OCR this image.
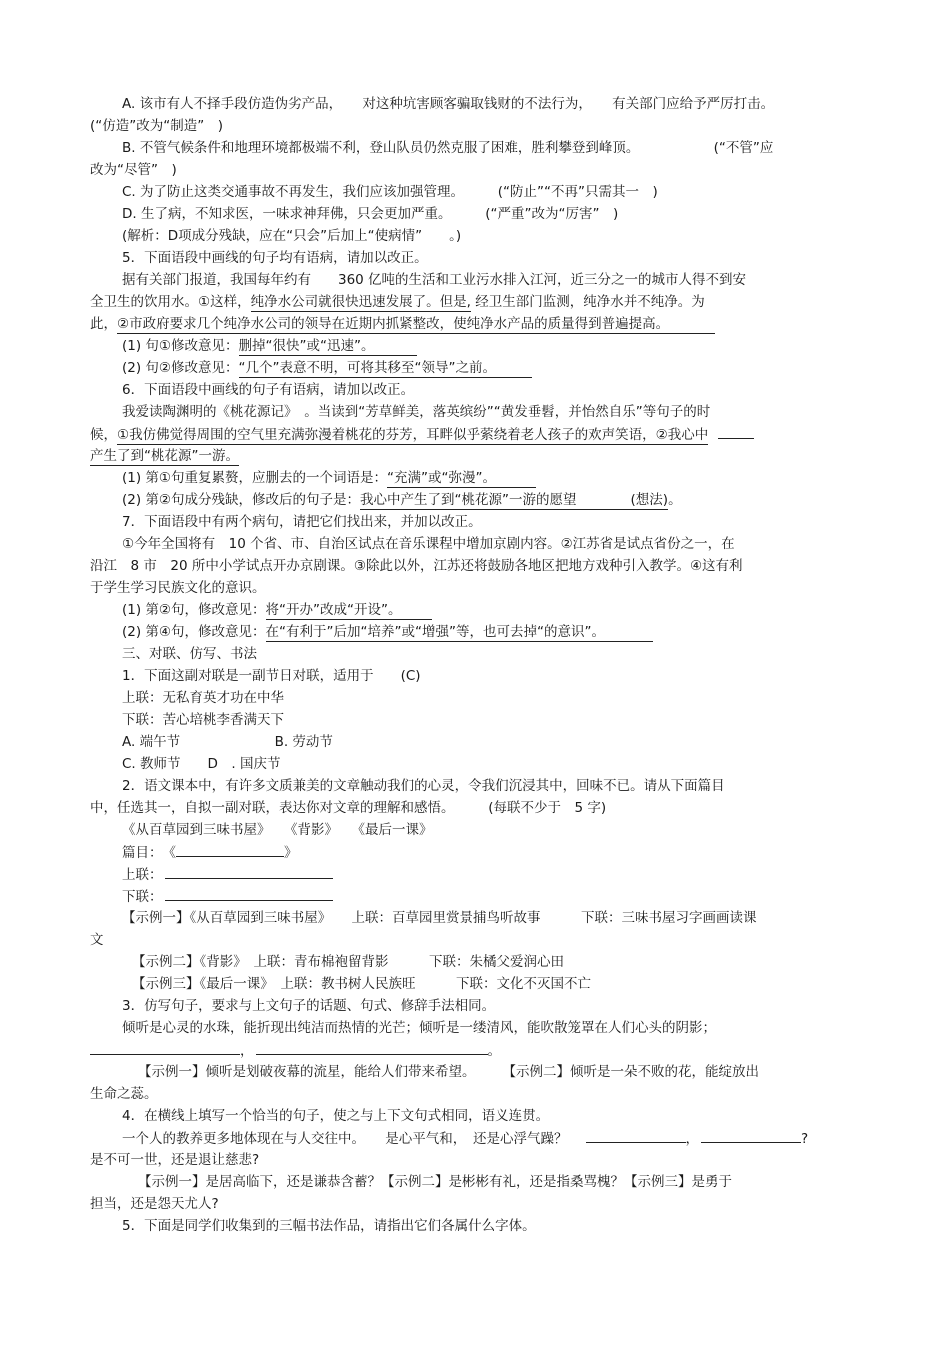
A. 该市有人不择手段仿造伪劣产品，　　对这种坑害顾客骗取钱财的不法行为，　　有关部门应给予严厉打击。
(“仿造”改为“制造”　)
B. 不管气候条件和地理环境都极端不利，登山队员仍然克服了困难，胜利攀登到峰顶。　　　　　　(“不管”应
改为“尽管”　)
C. 为了防止这类交通事故不再发生，我们应该加强管理。　　　(“防止”“不再”只需其一　)
D. 生了病，不知求医，一味求神拜佛，只会更加严重。　　　(“严重”改为“厉害”　)
(解析：D项成分残缺，应在“只会”后加上“使病情”　　。)
5．下面语段中画线的句子均有语病，请加以改正。
据有关部门报道，我国每年约有　　360 亿吨的生活和工业污水排入江河，近三分之一的城市人得不到安
全卫生的饮用水。①这样，纯净水公司就很快迅速发展了。但是, 经卫生部门监测，纯净水并不纯净。为
此，②市政府要求几个纯净水公司的领导在近期内抓紧整改，使纯净水产品的质量得到普遍提高。
(1) 句①修改意见：删掉“很快”或“迅速”。
(2) 句②修改意见：“几个”表意不明，可将其移至“领导”之前。
6．下面语段中画线的句子有语病，请加以改正。
我爱读陶渊明的《桃花源记》　。当读到“芳草鲜美，落英缤纷”“黄发垂髫，并怡然自乐”等句子的时
候，①我仿佛觉得周围的空气里充满弥漫着桃花的芬芳，耳畔似乎萦绕着老人孩子的欢声笑语，②我心中
产生了到“桃花源”一游。
(1) 第①句重复累赘，应删去的一个词语是：“充满”或“弥漫”。
(2) 第②句成分残缺，修改后的句子是：我心中产生了到“桃花源”一游的愿望　　　　(想法)。
7．下面语段中有两个病句，请把它们找出来，并加以改正。
①今年全国将有　10 个省、市、自治区试点在音乐课程中增加京剧内容。②江苏省是试点省份之一，在
沿江　8 市　20 所中小学试点开办京剧课。③除此以外，江苏还将鼓励各地区把地方戏种引入教学。④这有利
于学生学习民族文化的意识。
(1) 第②句，修改意见：将“开办”改成“开设”。
(2) 第④句，修改意见：在“有利于”后加“培养”或“增强”等，也可去掉“的意识”。
三、对联、仿写、书法
1．下面这副对联是一副节日对联，适用于　　(C)
上联：无私育英才功在中华
下联：苦心培桃李香满天下
A. 端午节　　　　　　　B. 劳动节
C. 教师节　　D　. 国庆节
2．语文课本中，有许多文质兼美的文章触动我们的心灵，令我们沉浸其中，回味不已。请从下面篇目
中，任选其一，自拟一副对联，表达你对文章的理解和感悟。　　　(每联不少于　5 字)
《从百草园到三味书屋》　　《背影》　　《最后一课》
篇目：　《	》
上联：
下联：
【示例一】《从百草园到三味书屋》　　上联：百草园里赏景捕鸟听故事　　　下联：三味书屋习字画画读课
文
【示例二】《背影》　上联：青布棉袍留背影　　　下联：朱橘父爱润心田
【示例三】《最后一课》　上联：教书树人民族旺　　　下联：文化不灭国不亡
3．仿写句子，要求与上文句子的话题、句式、修辞手法相同。
倾听是心灵的水珠，能折现出纯洁而热情的光芒；倾听是一缕清风，能吹散笼罩在人们心头的阴影；
，	。
【示例一】倾听是划破夜幕的流星，能给人们带来希望。　　　【示例二】倾听是一朵不败的花，能绽放出
生命之蕊。
4．在横线上填写一个恰当的句子，使之与上下文句式相同，语义连贯。
一个人的教养更多地体现在与人交往中。　　是心平气和，　还是心浮气躁？	，	?
是不可一世，还是退让慈悲?
【示例一】是居高临下，还是谦恭含蓄？【示例二】是彬彬有礼，还是指桑骂槐？【示例三】是勇于
担当，还是怨天尤人?
5．下面是同学们收集到的三幅书法作品，请指出它们各属什么字体。
